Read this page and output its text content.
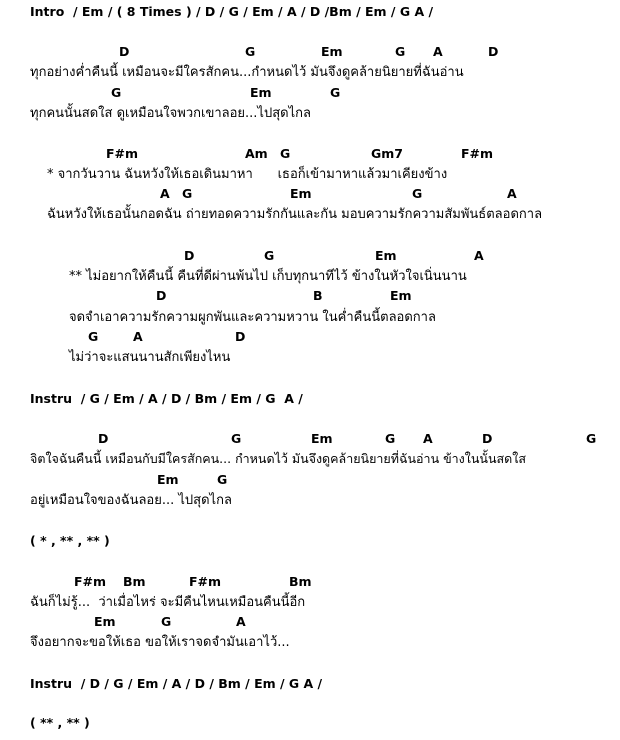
Intro  / Em / ( 8 Times ) / D / G / Em / A / D /Bm / Em / G A /
D	G	Em	G A	D
ทุกอย่างค่ำคืนนี้ เหมือนจะมีใครสักคน...กำหนดไว้ มันจึงดูคล้ายนิยายที่ฉันอ่าน
G	Em	G
ทุกคนนั้นสดใส ดูเหมือนใจพวกเขาลอย...ไปสุดไกล
F#m	Am G	Gm7	F#m
* จากวันวาน ฉันหวังให้เธอเดินมาหา      เธอก็เข้ามาหาแล้วมาเคียงข้าง
A G	Em	G	A
ฉันหวังให้เธอนั้นกอดฉัน ถ่ายทอดความรักกันและกัน มอบความรักความสัมพันธ์ตลอดกาล
D	G	Em	A
** ไม่อยากให้คืนนี้ คืนที่ดีผ่านพ้นไป เก็บทุกนาทีไว้ ข้างในหัวใจเนิ่นนาน
D	B	Em
จดจำเอาความรักความผูกพันและความหวาน ในค่ำคืนนี้ตลอดกาล
G	A	D
ไม่ว่าจะแสนนานสักเพียงไหน
Instru  / G / Em / A / D / Bm / Em / G  A /
D	G	Em	G A	D	G
จิตใจฉันคืนนี้ เหมือนกับมีใครสักคน... กำหนดไว้ มันจึงดูคล้ายนิยายที่ฉันอ่าน ข้างในนั้นสดใส
Em	G
อยู่เหมือนใจของฉันลอย... ไปสุดไกล
( * , ** , ** )
F#m Bm	F#m	Bm
ฉันก็ไม่รู้...  ว่าเมื่อไหร่ จะมีคืนไหนเหมือนคืนนี้อีก
Em	G	A
จึงอยากจะขอให้เธอ ขอให้เราจดจำมันเอาไว้...
Instru  / D / G / Em / A / D / Bm / Em / G A /
( ** , ** )
